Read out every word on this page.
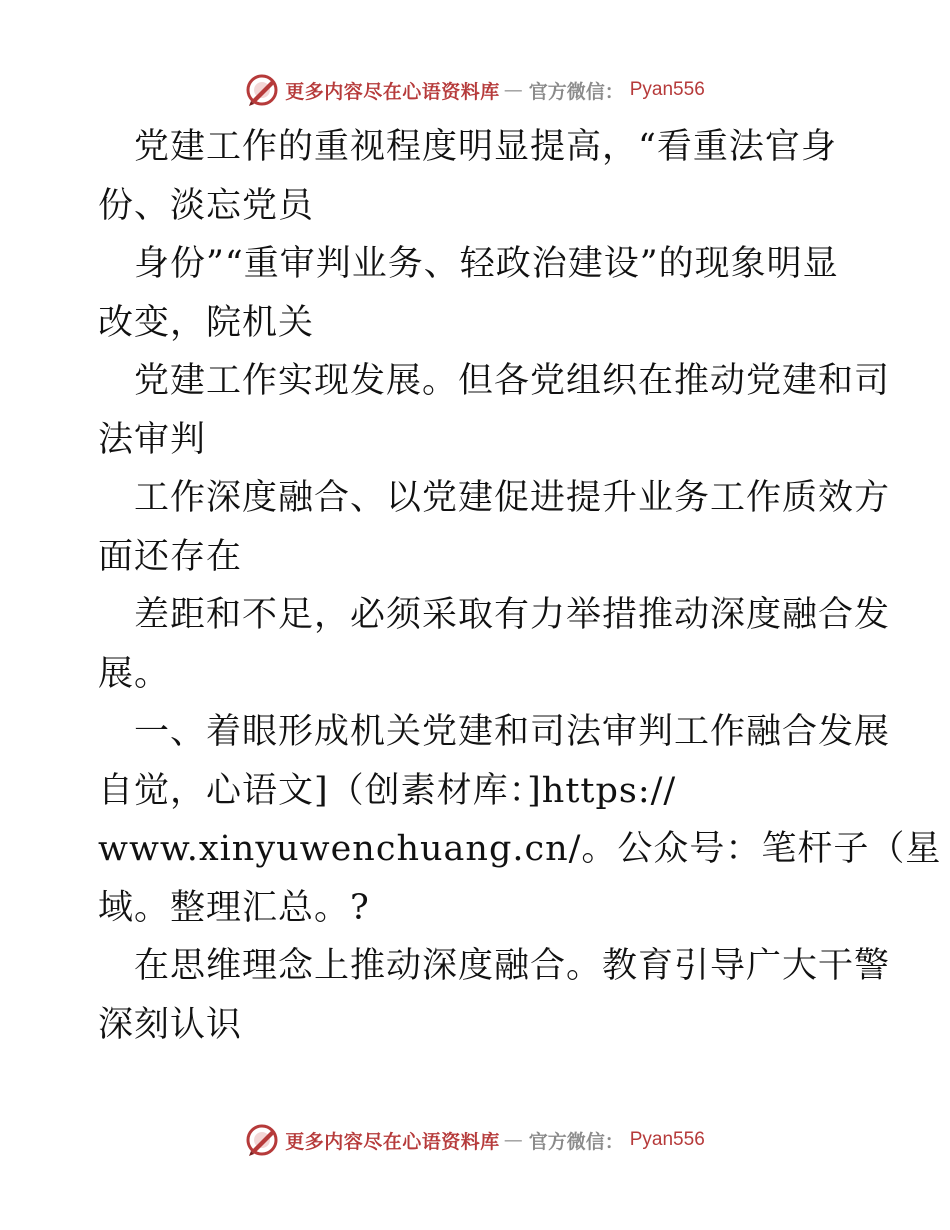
更多内容尽在心语资料库 — 官方微信： Pyan556
党建工作的重视程度明显提高，“看重法官身
份、淡忘党员
身份”“重审判业务、轻政治建设”的现象明显
改变，院机关
党建工作实现发展。但各党组织在推动党建和司
法审判
工作深度融合、以党建促进提升业务工作质效方
面还存在
差距和不足，必须采取有力举措推动深度融合发
展。
一、着眼形成机关党建和司法审判工作融合发展
自觉，心语文]（创素材库：]https://
www.xinyuwenchuang.cn/。公众号：笔杆子（星
域。整理汇总。?
在思维理念上推动深度融合。教育引导广大干警
深刻认识
更多内容尽在心语资料库 — 官方微信： Pyan556
